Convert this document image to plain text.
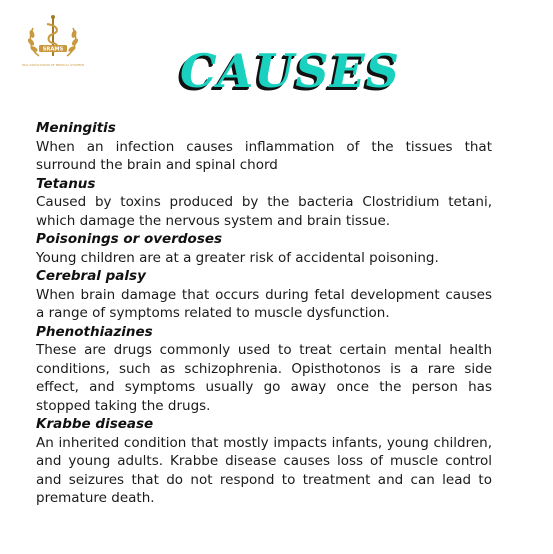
SRAMS
SYRIA ASSOCIATION OF MEDICAL STUDENTS CAUSES

Meningitis

When an infection causes inflammation of the tissues that surround the brain and spinal chord

Tetanus

Caused by toxins produced by the bacteria Clostridium tetani, which damage the nervous system and brain tissue.

Poisonings or overdoses

Young children are at a greater risk of accidental poisoning.

Cerebral palsy

When brain damage that occurs during fetal development causes a range of symptoms related to muscle dysfunction.

Phenothiazines

These are drugs commonly used to treat certain mental health conditions, such as schizophrenia. Opisthotonos is a rare side effect, and symptoms usually go away once the person has stopped taking the drugs.

Krabbe disease

An inherited condition that mostly impacts infants, young children, and young adults. Krabbe disease causes loss of muscle control and seizures that do not respond to treatment and can lead to premature death.
